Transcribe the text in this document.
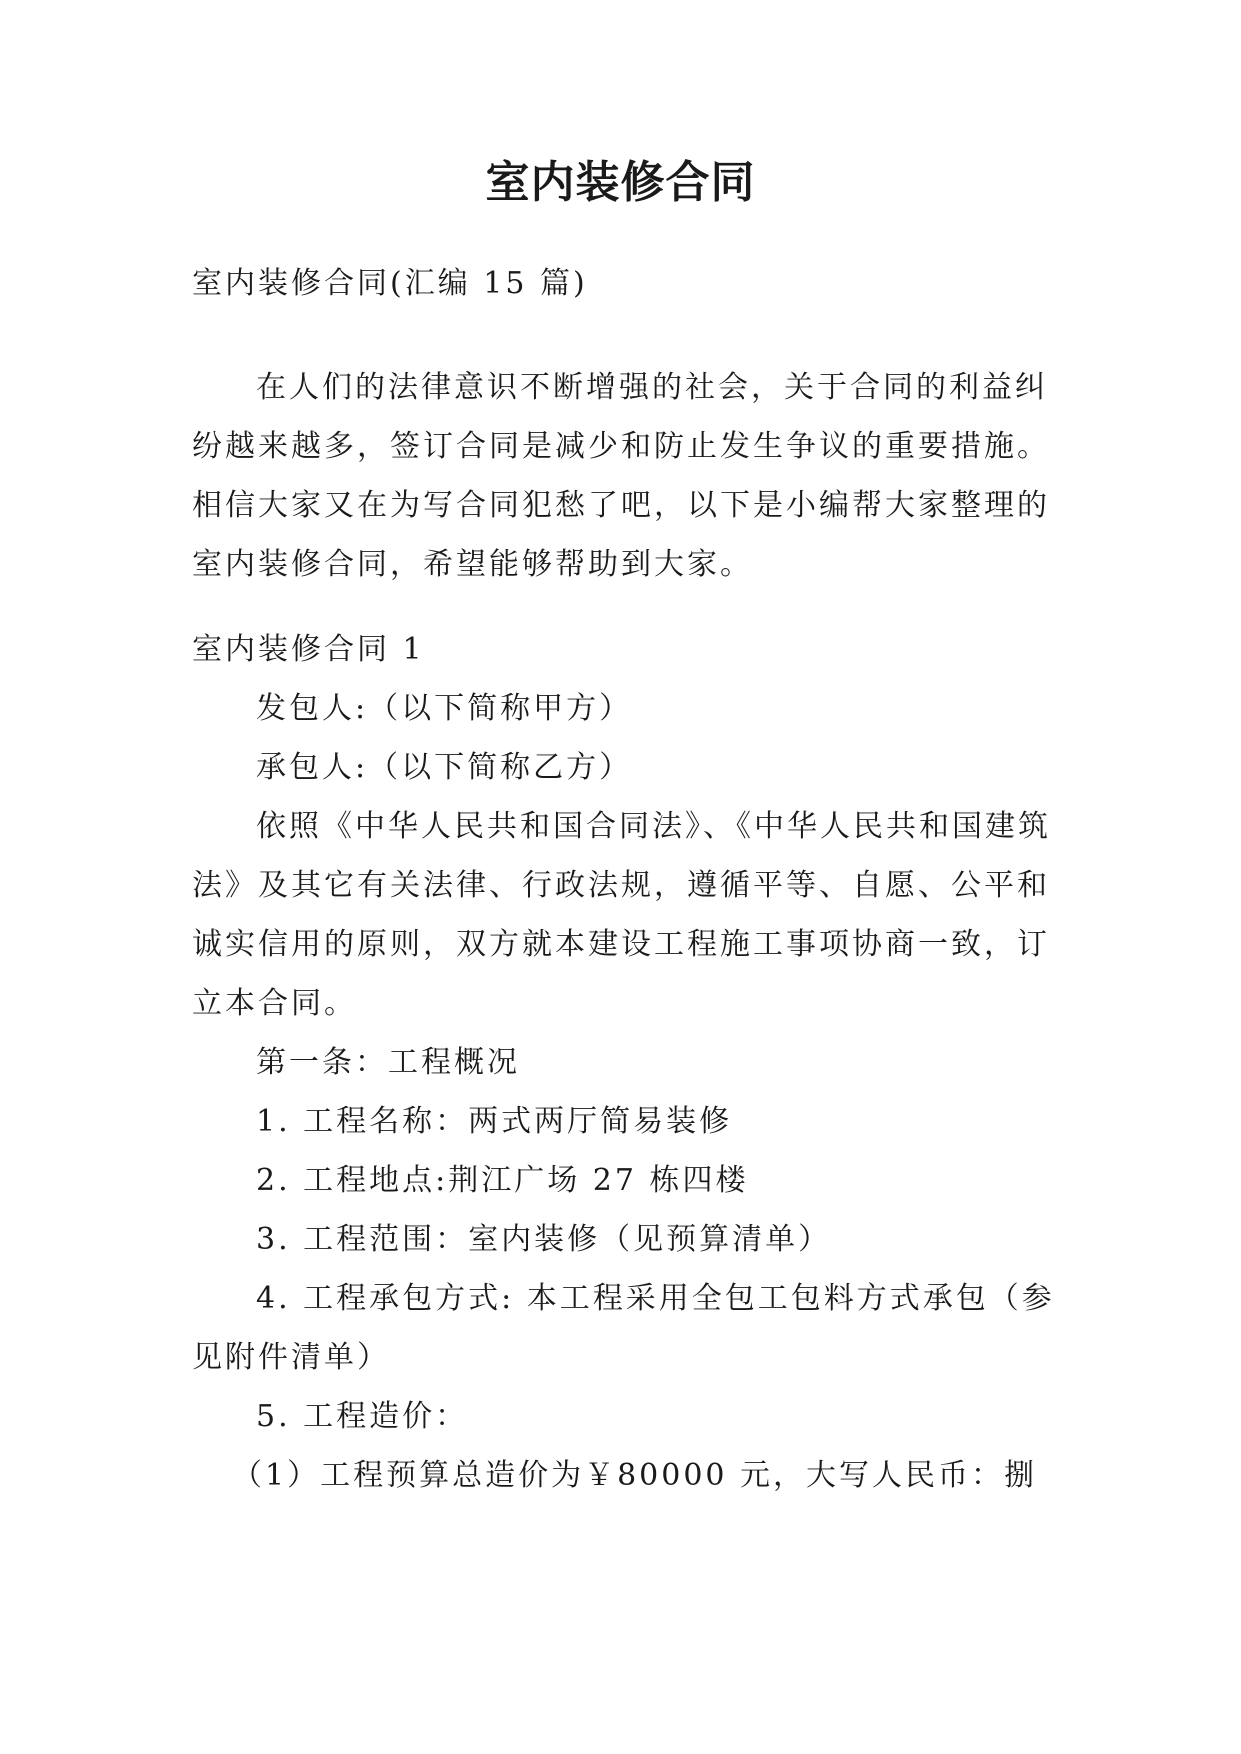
室内装修合同

室内装修合同(汇编 15 篇)

在人们的法律意识不断增强的社会，关于合同的利益纠
纷越来越多，签订合同是减少和防止发生争议的重要措施。
相信大家又在为写合同犯愁了吧，以下是小编帮大家整理的
室内装修合同，希望能够帮助到大家。
室内装修合同 1
发包人:（以下简称甲方）
承包人:（以下简称乙方）
依照《中华人民共和国合同法》、《中华人民共和国建筑
法》及其它有关法律、行政法规，遵循平等、自愿、公平和
诚实信用的原则，双方就本建设工程施工事项协商一致，订
立本合同。
第一条：工程概况
1. 工程名称：两式两厅简易装修
2. 工程地点:荆江广场 27 栋四楼
3. 工程范围：室内装修（见预算清单）
4. 工程承包方式: 本工程采用全包工包料方式承包（参
见附件清单）
5. 工程造价：
（1）工程预算总造价为￥80000 元，大写人民币：捌
